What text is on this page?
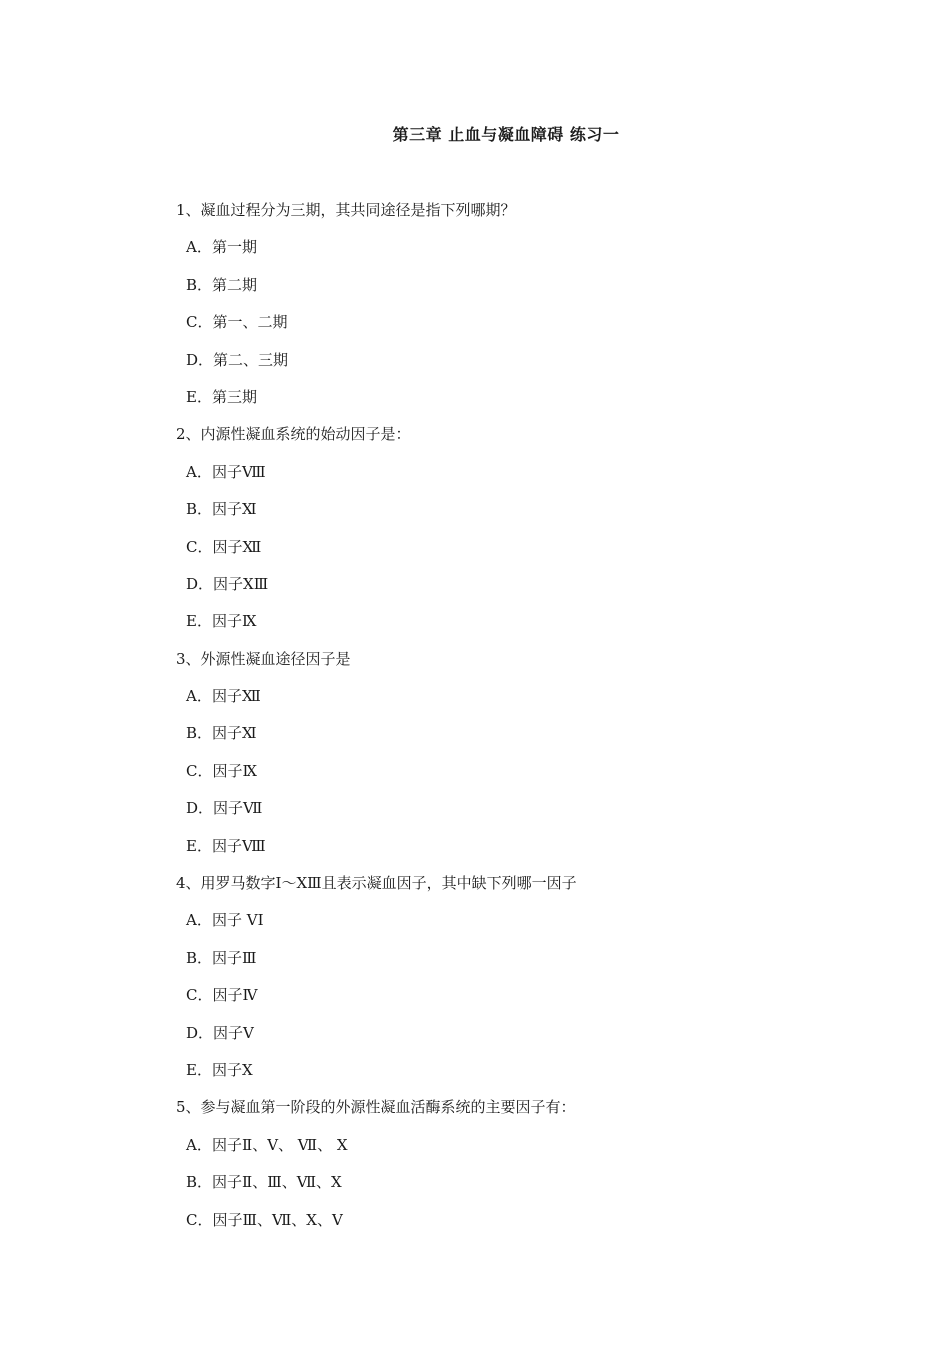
第三章 止血与凝血障碍 练习一
1、凝血过程分为三期，其共同途径是指下列哪期？
A．第一期
B．第二期
C．第一、二期
D．第二、三期
E．第三期
2、内源性凝血系统的始动因子是：
A．因子Ⅷ
B．因子Ⅺ
C．因子Ⅻ
D．因子ⅩⅢ
E．因子Ⅸ
3、外源性凝血途径因子是
A．因子Ⅻ
B．因子Ⅺ
C．因子Ⅸ
D．因子Ⅶ
E．因子Ⅷ
4、用罗马数字Ⅰ～ⅩⅢ且表示凝血因子，其中缺下列哪一因子
A．因子 VI
B．因子Ⅲ
C．因子Ⅳ
D．因子Ⅴ
E．因子Ⅹ
5、参与凝血第一阶段的外源性凝血活酶系统的主要因子有：
A．因子Ⅱ、V、 Ⅶ、 X
B．因子Ⅱ、Ⅲ、Ⅶ、X
C．因子Ⅲ、Ⅶ、X、V
